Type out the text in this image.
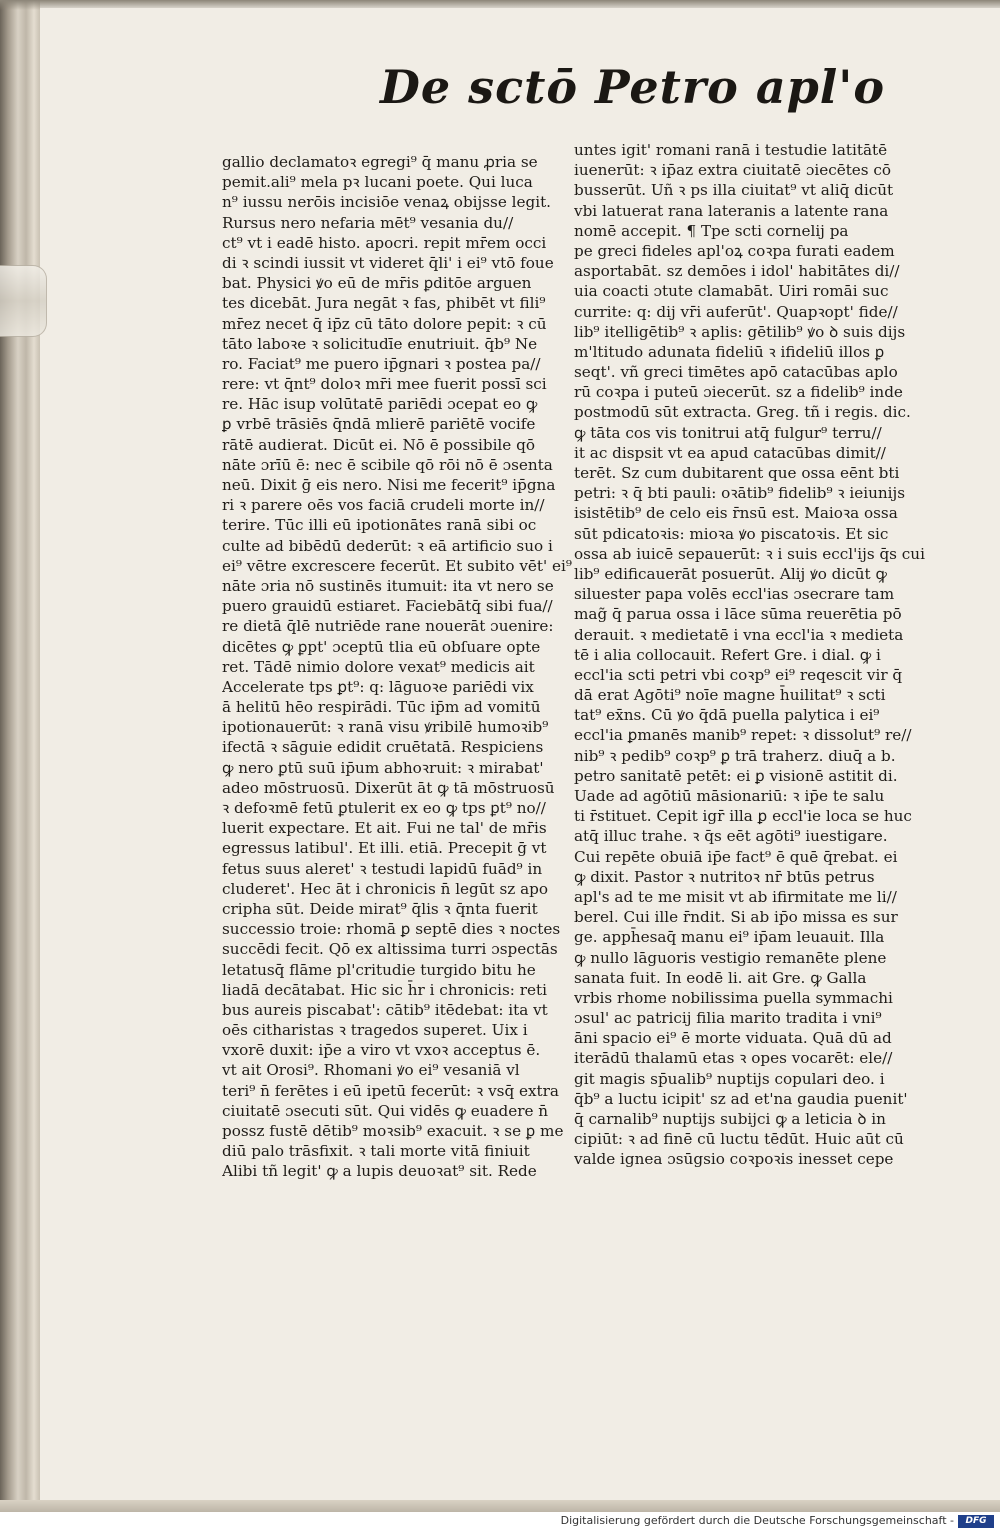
De sctō Petro apl'o
gallio declamatoꝛ egregi⁹ q̄ manu ꝓria se
pemit.ali⁹ mela pꝛ lucani poete. Qui luca
n⁹ iussu nerōis incisiōe venaꝝ obijsse legit.
Rursus nero nefaria mēt⁹ vesania du//
ct⁹ vt i eadē histo. apocri. repit mr̄em occi
di ꝛ scindi iussit vt videret q̄li' i ei⁹ vtō foue
bat. Physici ꝟo eū de mr̄is ꝑditōe arguen
tes dicebāt. Jura negāt ꝛ fas, phibēt vt fili⁹
mr̄ez necet q̄ ip̄z cū tāto dolore pepit: ꝛ cū
tāto laboꝛe ꝛ solicitudīe enutriuit. q̄b⁹ Ne
ro. Faciat⁹ me puero ip̄gnari ꝛ postea pa//
rere: vt q̄nt⁹ doloꝛ mr̄i mee fuerit possī sci
re. Hāc isup volūtatē pariēdi ɔcepat eo ꝙ
ꝑ vrbē trāsiēs q̄ndā mlierē pariētē vocife
rātē audierat. Dicūt ei. Nō ē possibile qō
nāte ɔrīū ē: nec ē scibile qō rōi nō ē ɔsenta
neū. Dixit ḡ eis nero. Nisi me fecerit⁹ ip̄gna
ri ꝛ parere oēs vos faciā crudeli morte in//
terire. Tūc illi eū ipotionātes ranā sibi oc
culte ad bibēdū dederūt: ꝛ eā artificio suo i
ei⁹ vētre excrescere fecerūt. Et subito vēt' ei⁹
nāte ɔria nō sustinēs itumuit: ita vt nero se
puero grauidū estiaret. Faciebātq̄ sibi fua//
re dietā q̄lē nutriēde rane nouerāt ɔuenire:
dicētes ꝙ ꝑpt' ɔceptū tlia eū obſuare opte
ret. Tādē nimio dolore vexat⁹ medicis ait
Accelerate tps ꝑt⁹: q: lāguoꝛe pariēdi vix
ā helitū hēo respirādi. Tūc ip̄m ad vomitū
ipotionauerūt: ꝛ ranā visu ꝟribilē humoꝛib⁹
ifectā ꝛ sāguie edidit cruētatā. Respiciens
ꝙ nero ꝑtū suū ip̄um abhoꝛruit: ꝛ mirabat'
adeo mōstruosū. Dixerūt āt ꝙ tā mōstruosū
ꝛ defoꝛmē fetū ꝑtulerit ex eo ꝙ tps ꝑt⁹ no//
luerit expectare. Et ait. Fui ne tal' de mr̄is
egressus latibul'. Et illi. etiā. Precepit ḡ vt
fetus suus aleret' ꝛ testudi lapidū fuād⁹ in
cluderet'. Hec āt i chronicis n̄ legūt sz apo
cripha sūt. Deide mirat⁹ q̄lis ꝛ q̄nta fuerit
successio troie: rhomā ꝑ septē dies ꝛ noctes
succēdi fecit. Qō ex altissima turri ɔspectās
letatusq̄ flāme pl'critudie turgido bitu he
liadā decātabat. Hic sic h̄r i chronicis: reti
bus aureis piscabat': cātib⁹ itēdebat: ita vt
oēs citharistas ꝛ tragedos superet. Uix i
vxorē duxit: ip̄e a viro vt vxoꝛ acceptus ē.
vt ait Orosi⁹. Rhomani ꝟo ei⁹ vesaniā vl
teri⁹ n̄ ferētes i eū ipetū fecerūt: ꝛ vsq̄ extra
ciuitatē ɔsecuti sūt. Qui vidēs ꝙ euadere n̄
possz fustē dētib⁹ moꝛsib⁹ exacuit. ꝛ se ꝑ me
diū palo trāsfixit. ꝛ tali morte vitā finiuit
Alibi tñ legit' ꝙ a lupis deuoꝛat⁹ sit. Rede
untes igit' romani ranā i testudie latitātē
iuenerūt: ꝛ ip̄az extra ciuitatē ɔiecētes cō
busserūt. Uñ ꝛ ps illa ciuitat⁹ vt aliq̄ dicūt
vbi latuerat rana lateranis a latente rana
nomē accepit. ¶ Tpe scti cornelij pa
pe greci fideles apl'oꝝ coꝛpa furati eadem
asportabāt. sz demōes i idol' habitātes di//
uia coacti ɔtute clamabāt. Uiri romāi suc
currite: q: dij vr̄i auferūt'. Quapꝛopt' fide//
lib⁹ itelligētib⁹ ꝛ aplis: gētilib⁹ ꝟo ꝺ suis dijs
m'ltitudo adunata fideliū ꝛ ifideliū illos ꝑ
seqt'. vñ greci timētes apō catacūbas aplo
rū coꝛpa i puteū ɔiecerūt. sz a fidelib⁹ inde
postmodū sūt extracta. Greg. tñ i regis. dic.
ꝙ tāta cos vis tonitrui atq̄ fulgur⁹ terru//
it ac dispsit vt ea apud catacūbas dimit//
terēt. Sz cum dubitarent que ossa eēnt bti
petri: ꝛ q̄ bti pauli: oꝛātib⁹ fidelib⁹ ꝛ ieiunijs
isistētib⁹ de celo eis r̄nsū est. Maioꝛa ossa
sūt pdicatoꝛis: mioꝛa ꝟo piscatoꝛis. Et sic
ossa ab iuicē sepauerūt: ꝛ i suis eccl'ijs q̄s cui
lib⁹ edificauerāt posuerūt. Alij ꝟo dicūt ꝙ
siluester papa volēs eccl'ias ɔsecrare tam
mag̃ q̄ parua ossa i lāce sūma reuerētia pō
derauit. ꝛ medietatē i vna eccl'ia ꝛ medieta
tē i alia collocauit. Refert Gre. i dial. ꝙ i
eccl'ia scti petri vbi coꝛp⁹ ei⁹ reqescit vir q̄
dā erat Agōti⁹ noīe magne h̄uilitat⁹ ꝛ scti
tat⁹ ex̄ns. Cū ꝟo q̄dā puella palytica i ei⁹
eccl'ia ꝑmanēs manib⁹ repet: ꝛ dissolut⁹ re//
nib⁹ ꝛ pedib⁹ coꝛp⁹ ꝑ trā traherz. diuq̄ a b.
petro sanitatē petēt: ei ꝑ visionē astitit di.
Uade ad agōtiū māsionariū: ꝛ ip̄e te salu
ti r̄stituet. Cepit igr̄ illa ꝑ eccl'ie loca se huc
atq̄ illuc trahe. ꝛ q̄s eēt agōti⁹ iuestigare.
Cui repēte obuiā ip̄e fact⁹ ē quē q̄rebat. ei
ꝙ dixit. Pastor ꝛ nutritoꝛ nr̄ btūs petrus
apl's ad te me misit vt ab ifirmitate me li//
berel. Cui ille r̄ndit. Si ab ip̄o missa es sur
ge. apph̄esaq̄ manu ei⁹ ip̄am leuauit. Illa
ꝙ nullo lāguoris vestigio remanēte plene
sanata fuit. In eodē li. ait Gre. ꝙ Galla
vrbis rhome nobilissima puella symmachi
ɔsul' ac patricij filia marito tradita i vni⁹
āni spacio ei⁹ ē morte viduata. Quā dū ad
iterādū thalamū etas ꝛ opes vocarēt: ele//
git magis sp̄ualib⁹ nuptijs copulari deo. i
q̄b⁹ a luctu icipit' sz ad et'na gaudia puenit'
q̄ carnalib⁹ nuptijs subijci ꝙ a leticia ꝺ in
cipiūt: ꝛ ad finē cū luctu tēdūt. Huic aūt cū
valde ignea ɔsūgsio coꝛpoꝛis inesset cepe
Digitalisierung gefördert durch die Deutsche Forschungsgemeinschaft -	DFG
